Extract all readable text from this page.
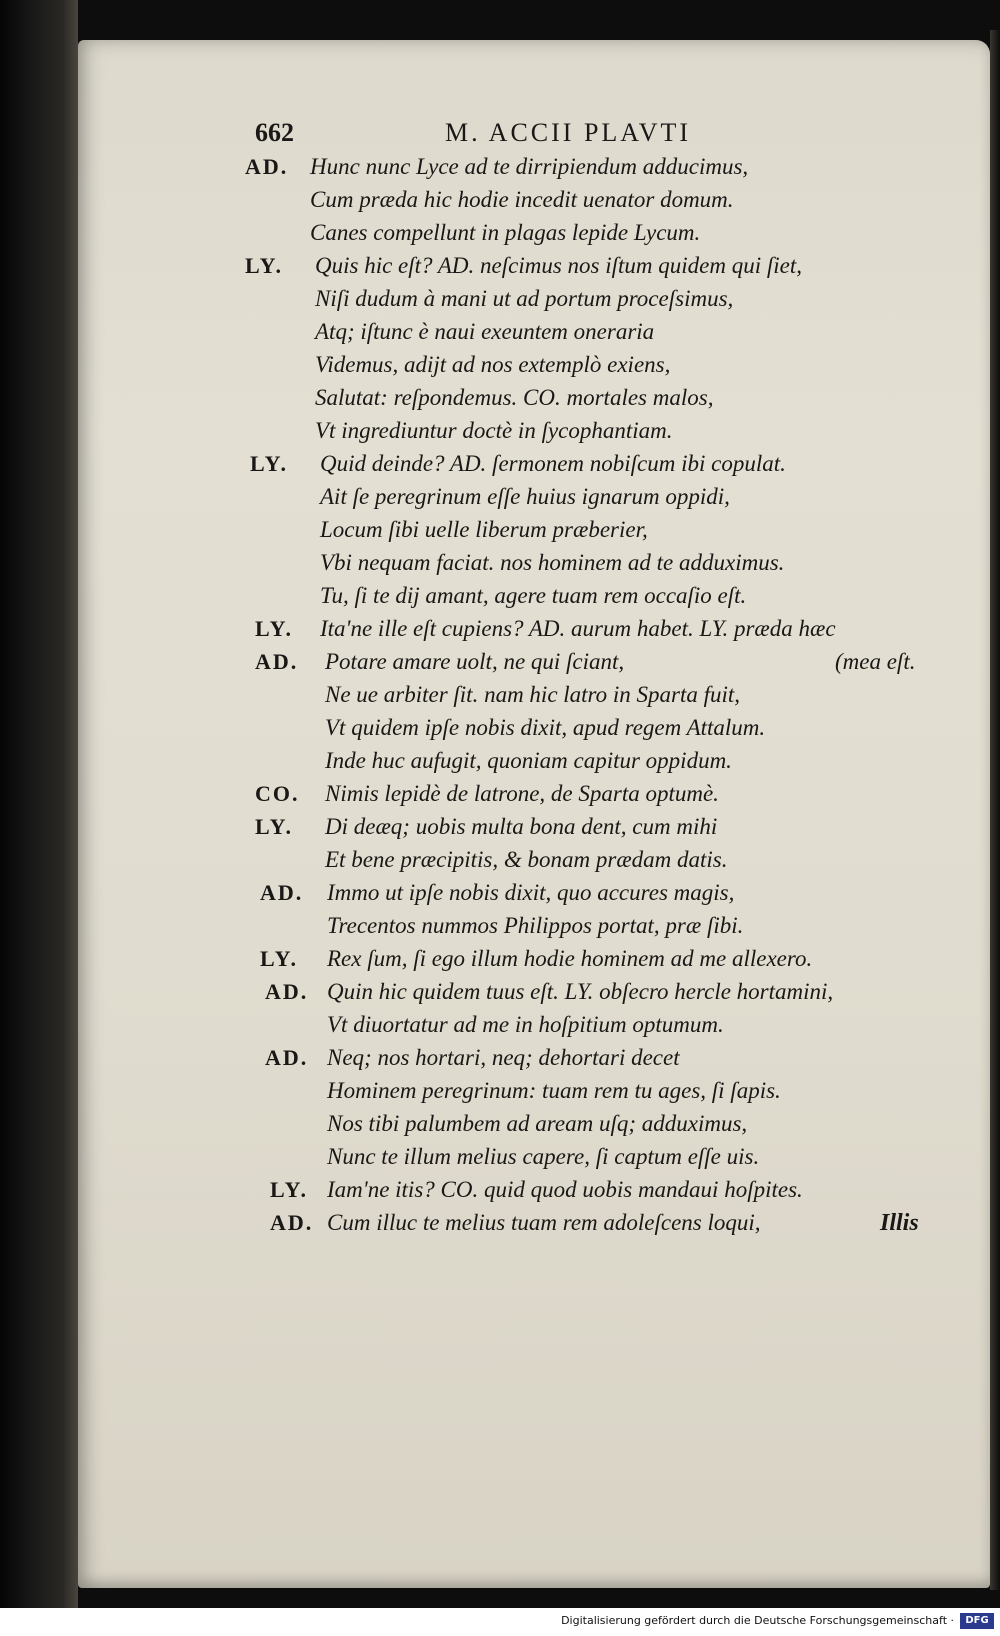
662	M. ACCII PLAVTI
AD. Hunc nunc Lyce ad te dirripiendum adducimus,
Cum præda hic hodie incedit uenator domum.
Canes compellunt in plagas lepide Lycum.
LY. Quis hic eſt? AD. neſcimus nos iſtum quidem qui ſiet,
Niſi dudum à mani ut ad portum proceſsimus,
Atq; iſtunc è naui exeuntem oneraria
Videmus, adijt ad nos extemplò exiens,
Salutat: reſpondemus. CO. mortales malos,
Vt ingrediuntur doctè in ſycophantiam.
LY. Quid deinde? AD. ſermonem nobiſcum ibi copulat.
Ait ſe peregrinum eſſe huius ignarum oppidi,
Locum ſibi uelle liberum præberier,
Vbi nequam faciat. nos hominem ad te adduximus.
Tu, ſi te dij amant, agere tuam rem occaſio eſt.
LY. Ita'ne ille eſt cupiens? AD. aurum habet. LY. præda hæc
AD. Potare amare uolt, ne qui ſciant,	(mea eſt.
Ne ue arbiter ſit. nam hic latro in Sparta fuit,
Vt quidem ipſe nobis dixit, apud regem Attalum.
Inde huc aufugit, quoniam capitur oppidum.
CO. Nimis lepidè de latrone, de Sparta optumè.
LY. Di deæq; uobis multa bona dent, cum mihi
Et bene præcipitis, & bonam prædam datis.
AD. Immo ut ipſe nobis dixit, quo accures magis,
Trecentos nummos Philippos portat, præ ſibi.
LY. Rex ſum, ſi ego illum hodie hominem ad me allexero.
AD. Quin hic quidem tuus eſt. LY. obſecro hercle hortamini,
Vt diuortatur ad me in hoſpitium optumum.
AD. Neq; nos hortari, neq; dehortari decet
Hominem peregrinum: tuam rem tu ages, ſi ſapis.
Nos tibi palumbem ad aream uſq; adduximus,
Nunc te illum melius capere, ſi captum eſſe uis.
LY. Iam'ne itis? CO. quid quod uobis mandaui hoſpites.
AD. Cum illuc te melius tuam rem adoleſcens loqui,	Illis
Digitalisierung gefördert durch die Deutsche Forschungsgemeinschaft ·	DFG
